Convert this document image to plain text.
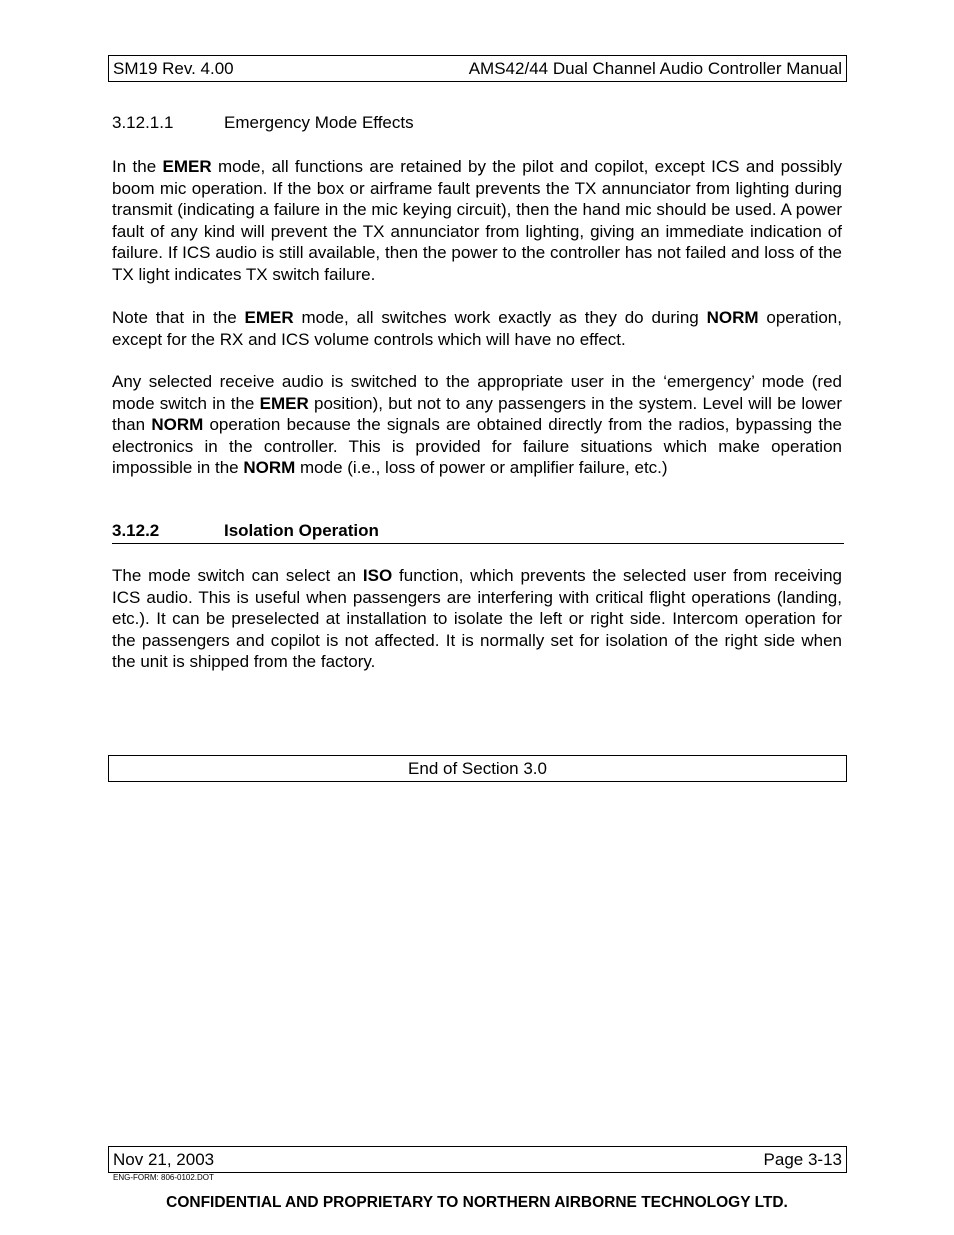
SM19 Rev. 4.00	AMS42/44 Dual Channel Audio Controller Manual
3.12.1.1	Emergency Mode Effects

In the EMER mode, all functions are retained by the pilot and copilot, except ICS and possibly boom mic operation. If the box or airframe fault prevents the TX annunciator from lighting during transmit (indicating a failure in the mic keying circuit), then the hand mic should be used. A power fault of any kind will prevent the TX annunciator from lighting, giving an immediate indication of failure. If ICS audio is still available, then the power to the controller has not failed and loss of the TX light indicates TX switch failure.

Note that in the EMER mode, all switches work exactly as they do during NORM operation, except for the RX and ICS volume controls which will have no effect.

Any selected receive audio is switched to the appropriate user in the ‘emergency’ mode (red mode switch in the EMER position), but not to any passengers in the system. Level will be lower than NORM operation because the signals are obtained directly from the radios, bypassing the electronics in the controller. This is provided for failure situations which make operation impossible in the NORM mode (i.e., loss of power or amplifier failure, etc.)

3.12.2	Isolation Operation

The mode switch can select an ISO function, which prevents the selected user from receiving ICS audio. This is useful when passengers are interfering with critical flight operations (landing, etc.). It can be preselected at installation to isolate the left or right side. Intercom operation for the passengers and copilot is not affected. It is normally set for isolation of the right side when the unit is shipped from the factory.

End of Section 3.0
Nov 21, 2003	Page 3-13
ENG-FORM: 806-0102.DOT
CONFIDENTIAL AND PROPRIETARY TO NORTHERN AIRBORNE TECHNOLOGY LTD.
